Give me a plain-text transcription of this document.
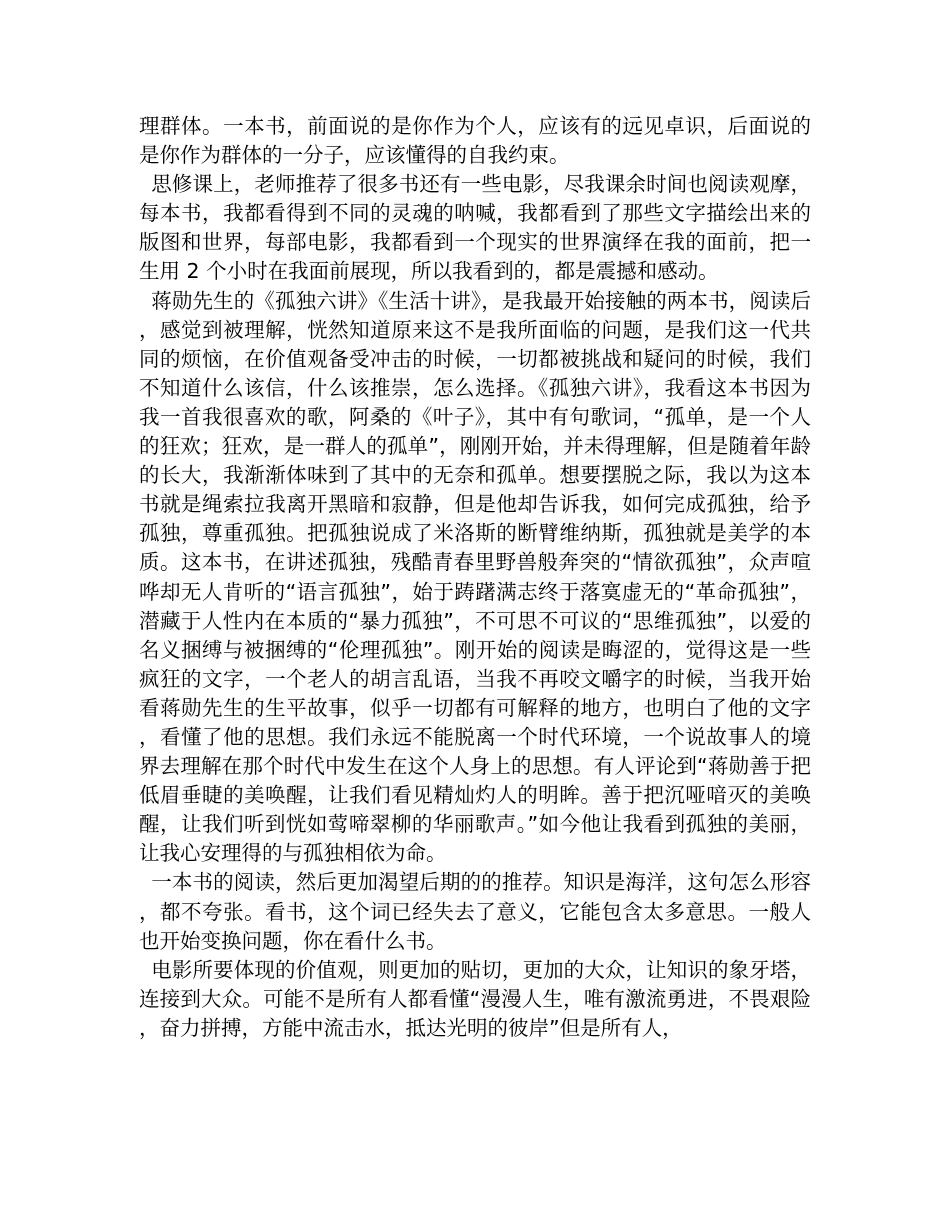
理群体。一本书，前面说的是你作为个人，应该有的远见卓识，后面说的是你作为群体的一分子，应该懂得的自我约束。

思修课上，老师推荐了很多书还有一些电影，尽我课余时间也阅读观摩，每本书，我都看得到不同的灵魂的呐喊，我都看到了那些文字描绘出来的版图和世界，每部电影，我都看到一个现实的世界演绎在我的面前，把一生用 2 个小时在我面前展现，所以我看到的，都是震撼和感动。

蒋勋先生的《孤独六讲》《生活十讲》，是我最开始接触的两本书，阅读后，感觉到被理解，恍然知道原来这不是我所面临的问题，是我们这一代共同的烦恼，在价值观备受冲击的时候，一切都被挑战和疑问的时候，我们不知道什么该信，什么该推崇，怎么选择。《孤独六讲》，我看这本书因为我一首我很喜欢的歌，阿桑的《叶子》，其中有句歌词，“孤单，是一个人的狂欢；狂欢，是一群人的孤单”，刚刚开始，并未得理解，但是随着年龄的长大，我渐渐体味到了其中的无奈和孤单。想要摆脱之际，我以为这本书就是绳索拉我离开黑暗和寂静，但是他却告诉我，如何完成孤独，给予孤独，尊重孤独。把孤独说成了米洛斯的断臂维纳斯，孤独就是美学的本质。这本书，在讲述孤独，残酷青春里野兽般奔突的“情欲孤独”，众声喧哗却无人肯听的“语言孤独”，始于踌躇满志终于落寞虚无的“革命孤独”，潜藏于人性内在本质的“暴力孤独”，不可思不可议的“思维孤独”，以爱的名义捆缚与被捆缚的“伦理孤独”。刚开始的阅读是晦涩的，觉得这是一些疯狂的文字，一个老人的胡言乱语，当我不再咬文嚼字的时候，当我开始看蒋勋先生的生平故事，似乎一切都有可解释的地方，也明白了他的文字，看懂了他的思想。我们永远不能脱离一个时代环境，一个说故事人的境界去理解在那个时代中发生在这个人身上的思想。有人评论到“蒋勋善于把低眉垂睫的美唤醒，让我们看见精灿灼人的明眸。善于把沉哑喑灭的美唤醒，让我们听到恍如莺啼翠柳的华丽歌声。”如今他让我看到孤独的美丽，让我心安理得的与孤独相依为命。

一本书的阅读，然后更加渴望后期的的推荐。知识是海洋，这句怎么形容，都不夸张。看书，这个词已经失去了意义，它能包含太多意思。一般人也开始变换问题，你在看什么书。

电影所要体现的价值观，则更加的贴切，更加的大众，让知识的象牙塔，连接到大众。可能不是所有人都看懂“漫漫人生，唯有激流勇进，不畏艰险，奋力拼搏，方能中流击水，抵达光明的彼岸”但是所有人，
